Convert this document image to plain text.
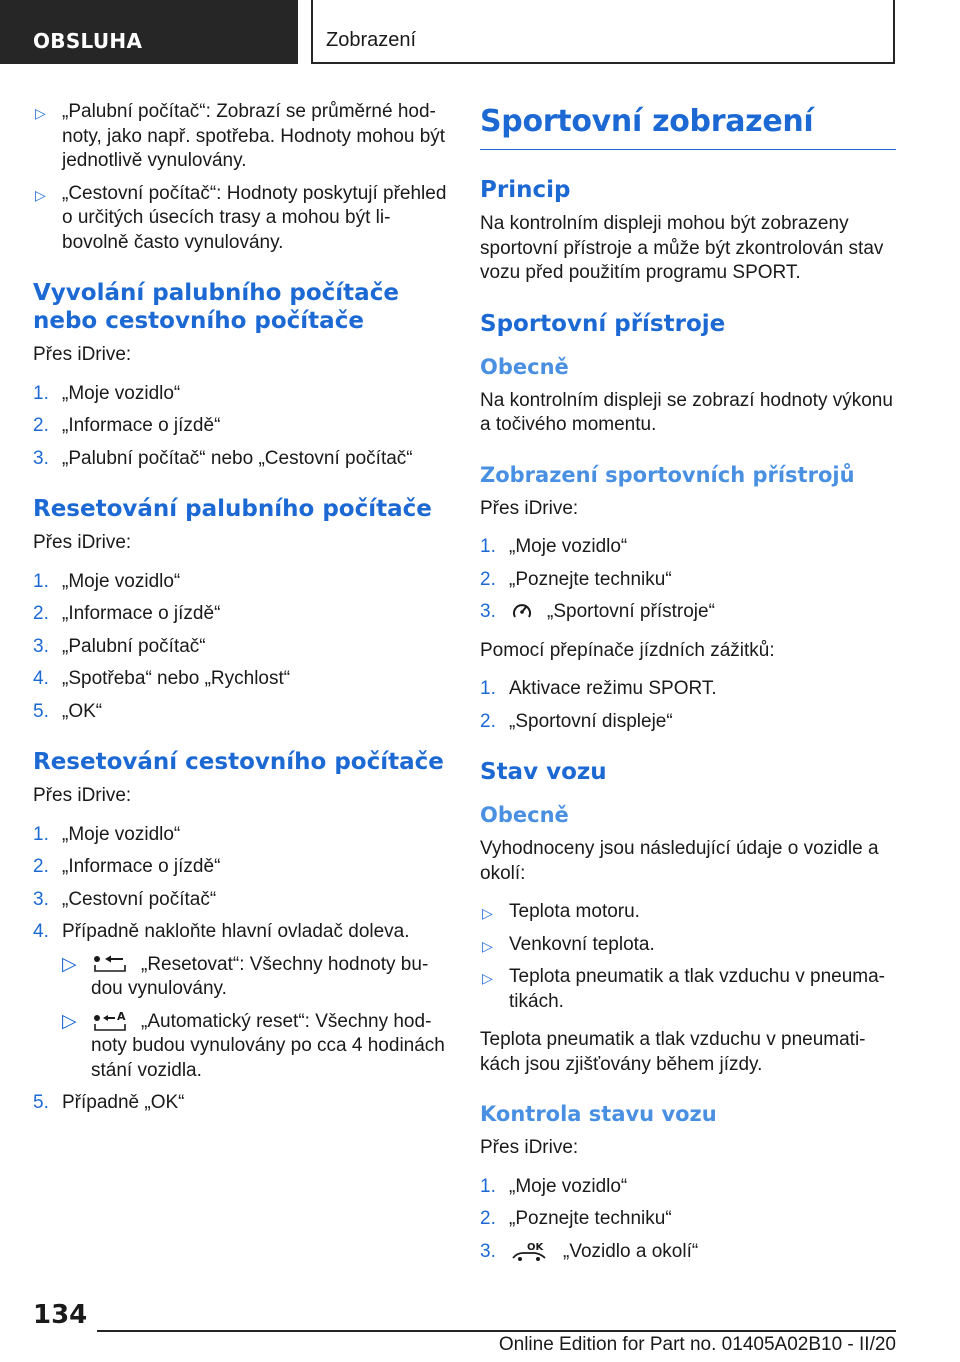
OBSLUHA	Zobrazení
▷ „Palubní počítač“: Zobrazí se průměrné hodnoty, jako např. spotřeba. Hodnoty mohou být jednotlivě vynulovány.
▷ „Cestovní počítač“: Hodnoty poskytují přehled o určitých úsecích trasy a mohou být libovolně často vynulovány.
Vyvolání palubního počítače nebo cestovního počítače

Přes iDrive:

1. „Moje vozidlo“
2. „Informace o jízdě“
3. „Palubní počítač“ nebo „Cestovní počítač“
Resetování palubního počítače

Přes iDrive:

1. „Moje vozidlo“
2. „Informace o jízdě“
3. „Palubní počítač“
4. „Spotřeba“ nebo „Rychlost“
5. „OK“
Resetování cestovního počítače

Přes iDrive:

1. „Moje vozidlo“
2. „Informace o jízdě“
3. „Cestovní počítač“
4. Případně nakloňte hlavní ovladač doleva.
▷	„Resetovat“: Všechny hodnoty budou vynulovány.
▷	A „Automatický reset“: Všechny hodnoty budou vynulovány po cca 4 hodinách stání vozidla.
5. Případně „OK“
Sportovní zobrazení
Princip

Na kontrolním displeji mohou být zobrazeny sportovní přístroje a může být zkontrolován stav vozu před použitím programu SPORT.

Sportovní přístroje
Obecně

Na kontrolním displeji se zobrazí hodnoty výkonu a točivého momentu.

Zobrazení sportovních přístrojů

Přes iDrive:

1. „Moje vozidlo“
2. „Poznejte techniku“
3.	„Sportovní přístroje“

Pomocí přepínače jízdních zážitků:

1. Aktivace režimu SPORT.
2. „Sportovní displeje“
Stav vozu
Obecně

Vyhodnoceny jsou následující údaje o vozidle a okolí:

▷ Teplota motoru.
▷ Venkovní teplota.
▷ Teplota pneumatik a tlak vzduchu v pneumatikách.

Teplota pneumatik a tlak vzduchu v pneumatikách jsou zjišťovány během jízdy.

Kontrola stavu vozu

Přes iDrive:

1. „Moje vozidlo“
2. „Poznejte techniku“
3.	OK „Vozidlo a okolí“
134
Online Edition for Part no. 01405A02B10 - II/20
